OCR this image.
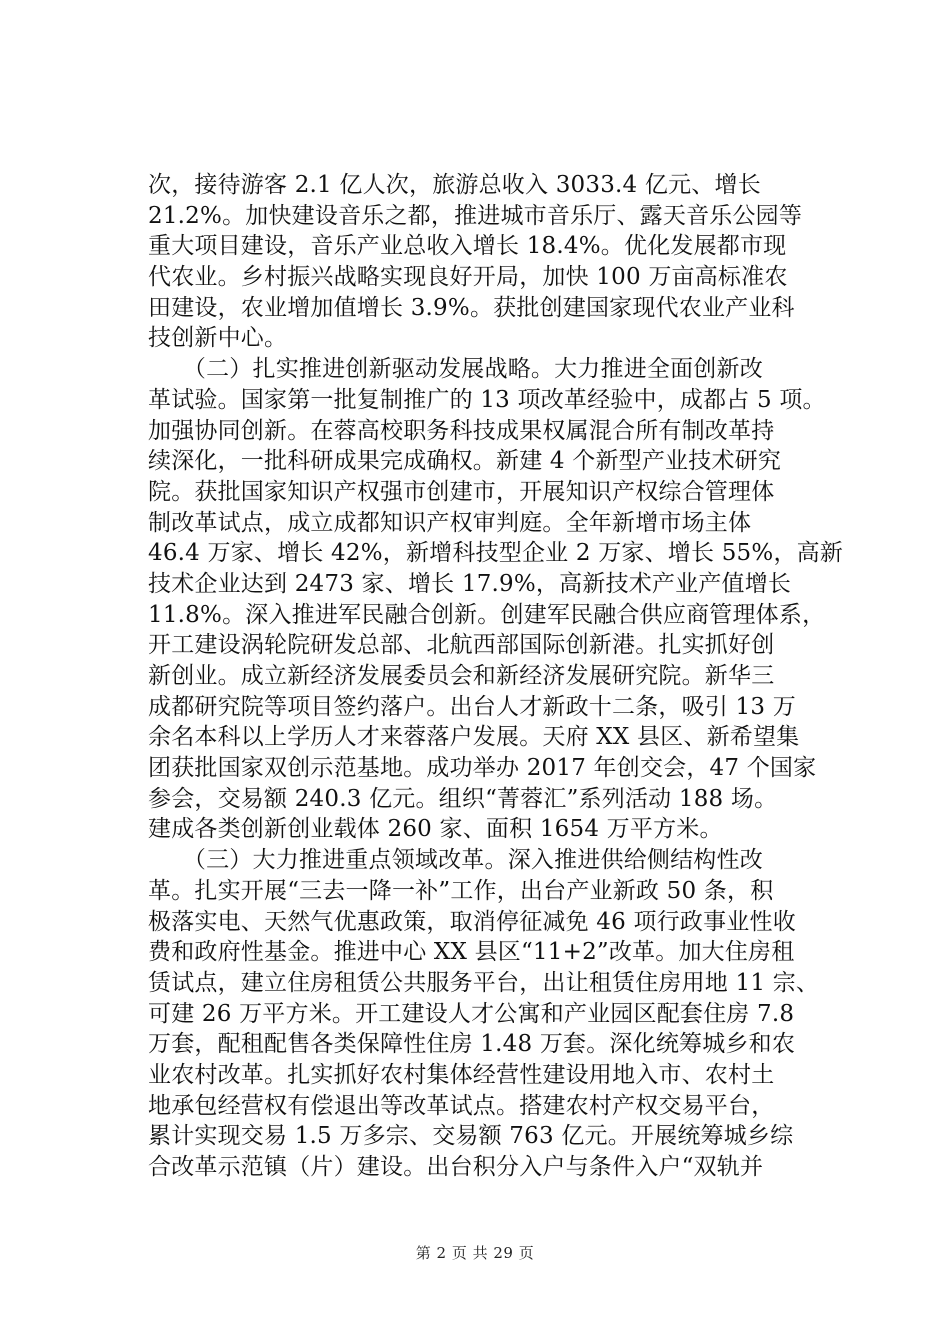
次，接待游客 2.1 亿人次，旅游总收入 3033.4 亿元、增长
21.2%。加快建设音乐之都，推进城市音乐厅、露天音乐公园等
重大项目建设，音乐产业总收入增长 18.4%。优化发展都市现
代农业。乡村振兴战略实现良好开局，加快 100 万亩高标准农
田建设，农业增加值增长 3.9%。获批创建国家现代农业产业科
技创新中心。
　　（二）扎实推进创新驱动发展战略。大力推进全面创新改
革试验。国家第一批复制推广的 13 项改革经验中，成都占 5 项。
加强协同创新。在蓉高校职务科技成果权属混合所有制改革持
续深化，一批科研成果完成确权。新建 4 个新型产业技术研究
院。获批国家知识产权强市创建市，开展知识产权综合管理体
制改革试点，成立成都知识产权审判庭。全年新增市场主体
46.4 万家、增长 42%，新增科技型企业 2 万家、增长 55%，高新
技术企业达到 2473 家、增长 17.9%，高新技术产业产值增长
11.8%。深入推进军民融合创新。创建军民融合供应商管理体系，
开工建设涡轮院研发总部、北航西部国际创新港。扎实抓好创
新创业。成立新经济发展委员会和新经济发展研究院。新华三
成都研究院等项目签约落户。出台人才新政十二条，吸引 13 万
余名本科以上学历人才来蓉落户发展。天府 XX 县区、新希望集
团获批国家双创示范基地。成功举办 2017 年创交会，47 个国家
参会，交易额 240.3 亿元。组织“菁蓉汇”系列活动 188 场。
建成各类创新创业载体 260 家、面积 1654 万平方米。
　　（三）大力推进重点领域改革。深入推进供给侧结构性改
革。扎实开展“三去一降一补”工作，出台产业新政 50 条，积
极落实电、天然气优惠政策，取消停征减免 46 项行政事业性收
费和政府性基金。推进中心 XX 县区“11+2”改革。加大住房租
赁试点，建立住房租赁公共服务平台，出让租赁住房用地 11 宗、
可建 26 万平方米。开工建设人才公寓和产业园区配套住房 7.8
万套，配租配售各类保障性住房 1.48 万套。深化统筹城乡和农
业农村改革。扎实抓好农村集体经营性建设用地入市、农村土
地承包经营权有偿退出等改革试点。搭建农村产权交易平台，
累计实现交易 1.5 万多宗、交易额 763 亿元。开展统筹城乡综
合改革示范镇（片）建设。出台积分入户与条件入户“双轨并
第 2 页 共 29 页
